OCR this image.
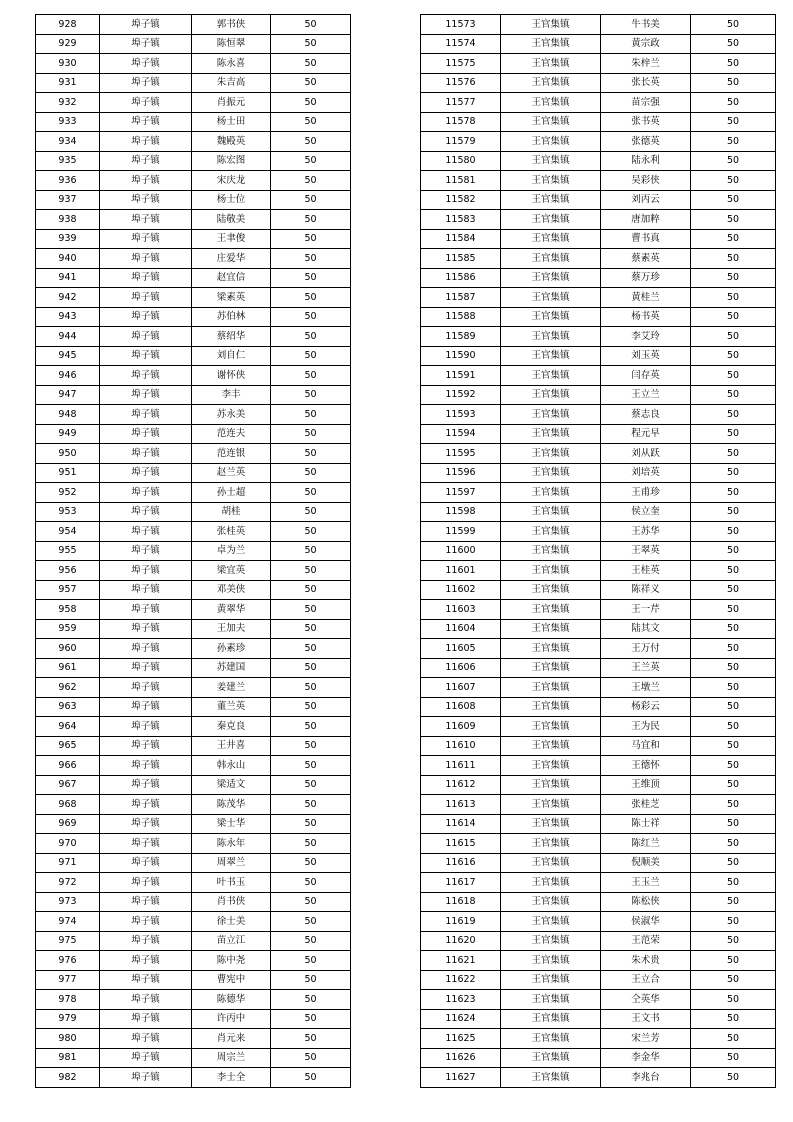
928	埠子镇	郭书侠	50
929	埠子镇	陈恒翠	50
930	埠子镇	陈永喜	50
931	埠子镇	朱吉高	50
932	埠子镇	肖振元	50
933	埠子镇	杨士田	50
934	埠子镇	魏殿英	50
935	埠子镇	陈宏图	50
936	埠子镇	宋庆龙	50
937	埠子镇	杨士位	50
938	埠子镇	陆敬美	50
939	埠子镇	王聿俊	50
940	埠子镇	庄爱华	50
941	埠子镇	赵宜信	50
942	埠子镇	梁素英	50
943	埠子镇	苏伯林	50
944	埠子镇	蔡绍华	50
945	埠子镇	刘自仁	50
946	埠子镇	谢怀侠	50
947	埠子镇	李丰	50
948	埠子镇	苏永美	50
949	埠子镇	范连夫	50
950	埠子镇	范连银	50
951	埠子镇	赵兰英	50
952	埠子镇	孙士超	50
953	埠子镇	胡桂	50
954	埠子镇	张桂英	50
955	埠子镇	卓为兰	50
956	埠子镇	梁宜英	50
957	埠子镇	邓美侠	50
958	埠子镇	黄翠华	50
959	埠子镇	王加夫	50
960	埠子镇	孙素珍	50
961	埠子镇	苏建国	50
962	埠子镇	姜建兰	50
963	埠子镇	董兰英	50
964	埠子镇	秦克良	50
965	埠子镇	王井喜	50
966	埠子镇	韩永山	50
967	埠子镇	梁适文	50
968	埠子镇	陈茂华	50
969	埠子镇	梁士华	50
970	埠子镇	陈永年	50
971	埠子镇	周翠兰	50
972	埠子镇	叶书玉	50
973	埠子镇	肖书侠	50
974	埠子镇	徐士美	50
975	埠子镇	苗立江	50
976	埠子镇	陈中尧	50
977	埠子镇	曹宪中	50
978	埠子镇	陈德华	50
979	埠子镇	许丙中	50
980	埠子镇	肖元来	50
981	埠子镇	周宗兰	50
982	埠子镇	李士全	50
11573	王官集镇	牛书美	50
11574	王官集镇	黄宗政	50
11575	王官集镇	朱梓兰	50
11576	王官集镇	张长英	50
11577	王官集镇	苗宗强	50
11578	王官集镇	张书英	50
11579	王官集镇	张德英	50
11580	王官集镇	陆永利	50
11581	王官集镇	吴彩侠	50
11582	王官集镇	刘丙云	50
11583	王官集镇	唐加粹	50
11584	王官集镇	曹书真	50
11585	王官集镇	蔡素英	50
11586	王官集镇	蔡万珍	50
11587	王官集镇	黄桂兰	50
11588	王官集镇	杨书英	50
11589	王官集镇	李艾玲	50
11590	王官集镇	刘玉英	50
11591	王官集镇	闫存英	50
11592	王官集镇	王立兰	50
11593	王官集镇	蔡志良	50
11594	王官集镇	程元早	50
11595	王官集镇	刘从跃	50
11596	王官集镇	刘培英	50
11597	王官集镇	王甫珍	50
11598	王官集镇	侯立奎	50
11599	王官集镇	王苏华	50
11600	王官集镇	王翠英	50
11601	王官集镇	王桂英	50
11602	王官集镇	陈祥义	50
11603	王官集镇	王一芹	50
11604	王官集镇	陆其文	50
11605	王官集镇	王万付	50
11606	王官集镇	王兰英	50
11607	王官集镇	王墩兰	50
11608	王官集镇	杨彩云	50
11609	王官集镇	王为民	50
11610	王官集镇	马宜和	50
11611	王官集镇	王德怀	50
11612	王官集镇	王维顶	50
11613	王官集镇	张桂芝	50
11614	王官集镇	陈士祥	50
11615	王官集镇	陈红兰	50
11616	王官集镇	倪顺美	50
11617	王官集镇	王玉兰	50
11618	王官集镇	陈松侠	50
11619	王官集镇	侯淑华	50
11620	王官集镇	王范荣	50
11621	王官集镇	朱术贵	50
11622	王官集镇	王立合	50
11623	王官集镇	仝英华	50
11624	王官集镇	王文书	50
11625	王官集镇	宋兰芳	50
11626	王官集镇	李金华	50
11627	王官集镇	李兆台	50
